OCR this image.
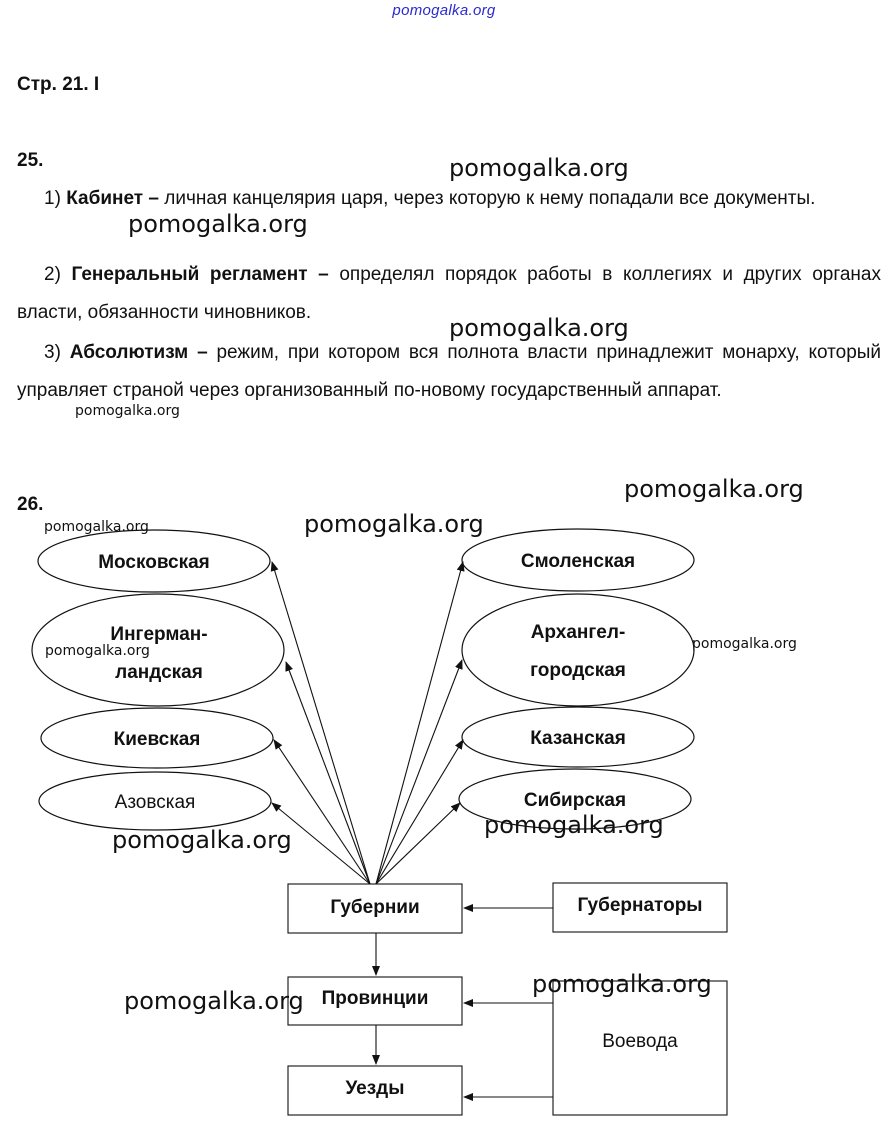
pomogalka.org
Стр. 21. I
25.
1) Кабинет – личная канцелярия царя, через которую к нему попадали все документы.
2) Генеральный регламент – определял порядок работы в коллегиях и других органах власти, обязанности чиновников.
3) Абсолютизм – режим, при котором вся полнота власти принадлежит монарху, который управляет страной через организованный по-новому государственный аппарат.
26.
Московская
Ингерман-
ландская
Киевская
Азовская
Смоленская
Архангел-
городская
Казанская
Сибирская
Губернии	Губернаторы
Провинции
Воевода
Уезды
pomogalka.org
pomogalka.org
pomogalka.org
pomogalka.org
pomogalka.org
pomogalka.org
pomogalka.org
pomogalka.org
pomogalka.org
pomogalka.org
pomogalka.org
pomogalka.org
pomogalka.org
